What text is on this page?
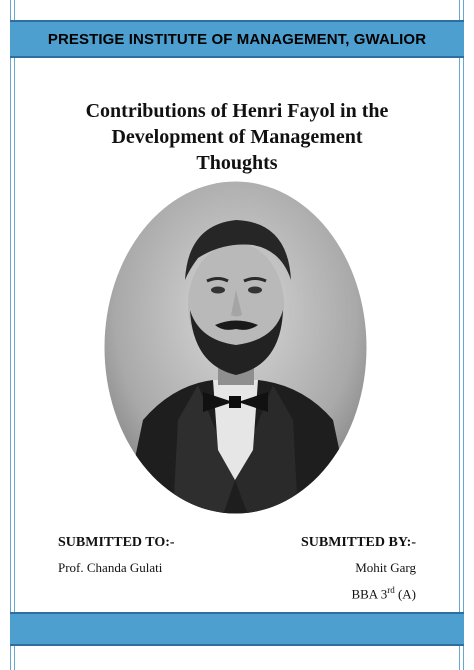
PRESTIGE INSTITUTE OF MANAGEMENT, GWALIOR
Contributions of Henri Fayol in the
Development of Management
Thoughts
SUBMITTED TO:-
Prof. Chanda Gulati
SUBMITTED BY:-
Mohit Garg
BBA 3rd (A)
